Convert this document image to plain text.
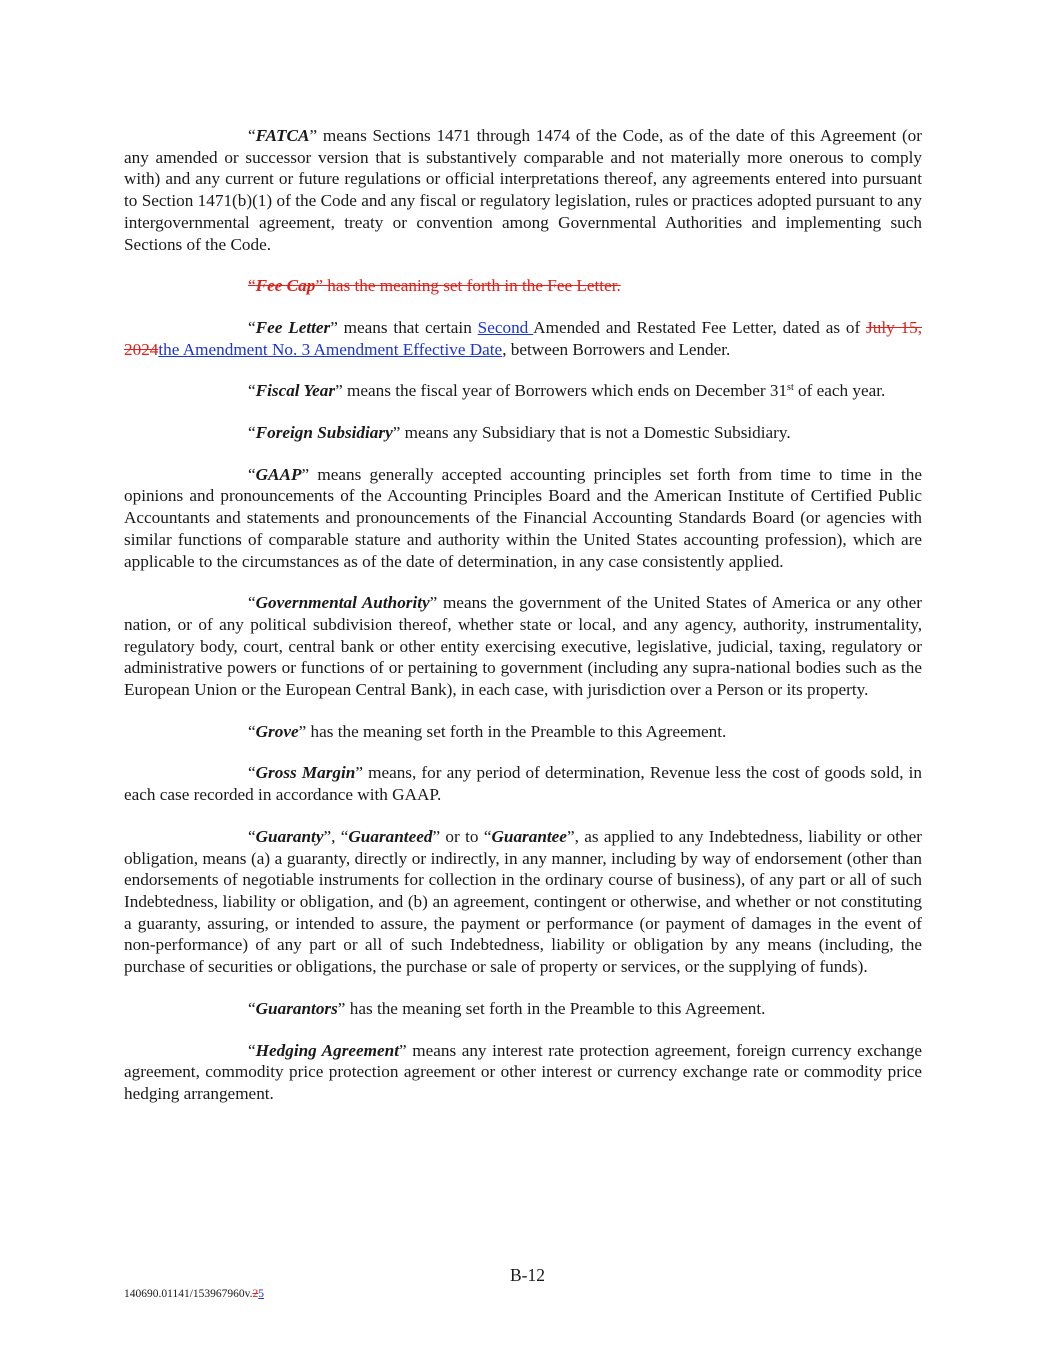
“FATCA” means Sections 1471 through 1474 of the Code, as of the date of this Agreement (or any amended or successor version that is substantively comparable and not materially more onerous to comply with) and any current or future regulations or official interpretations thereof, any agreements entered into pursuant to Section 1471(b)(1) of the Code and any fiscal or regulatory legislation, rules or practices adopted pursuant to any intergovernmental agreement, treaty or convention among Governmental Authorities and implementing such Sections of the Code.

“Fee Cap” has the meaning set forth in the Fee Letter.

“Fee Letter” means that certain Second Amended and Restated Fee Letter, dated as of July 15, 2024the Amendment No. 3 Amendment Effective Date, between Borrowers and Lender.

“Fiscal Year” means the fiscal year of Borrowers which ends on December 31st of each year.

“Foreign Subsidiary” means any Subsidiary that is not a Domestic Subsidiary.

“GAAP” means generally accepted accounting principles set forth from time to time in the opinions and pronouncements of the Accounting Principles Board and the American Institute of Certified Public Accountants and statements and pronouncements of the Financial Accounting Standards Board (or agencies with similar functions of comparable stature and authority within the United States accounting profession), which are applicable to the circumstances as of the date of determination, in any case consistently applied.

“Governmental Authority” means the government of the United States of America or any other nation, or of any political subdivision thereof, whether state or local, and any agency, authority, instrumentality, regulatory body, court, central bank or other entity exercising executive, legislative, judicial, taxing, regulatory or administrative powers or functions of or pertaining to government (including any supra-national bodies such as the European Union or the European Central Bank), in each case, with jurisdiction over a Person or its property.

“Grove” has the meaning set forth in the Preamble to this Agreement.

“Gross Margin” means, for any period of determination, Revenue less the cost of goods sold, in each case recorded in accordance with GAAP.

“Guaranty”, “Guaranteed” or to “Guarantee”, as applied to any Indebtedness, liability or other obligation, means (a) a guaranty, directly or indirectly, in any manner, including by way of endorsement (other than endorsements of negotiable instruments for collection in the ordinary course of business), of any part or all of such Indebtedness, liability or obligation, and (b) an agreement, contingent or otherwise, and whether or not constituting a guaranty, assuring, or intended to assure, the payment or performance (or payment of damages in the event of non-performance) of any part or all of such Indebtedness, liability or obligation by any means (including, the purchase of securities or obligations, the purchase or sale of property or services, or the supplying of funds).

“Guarantors” has the meaning set forth in the Preamble to this Agreement.

“Hedging Agreement” means any interest rate protection agreement, foreign currency exchange agreement, commodity price protection agreement or other interest or currency exchange rate or commodity price hedging arrangement.

B-12
140690.01141/153967960v.25
